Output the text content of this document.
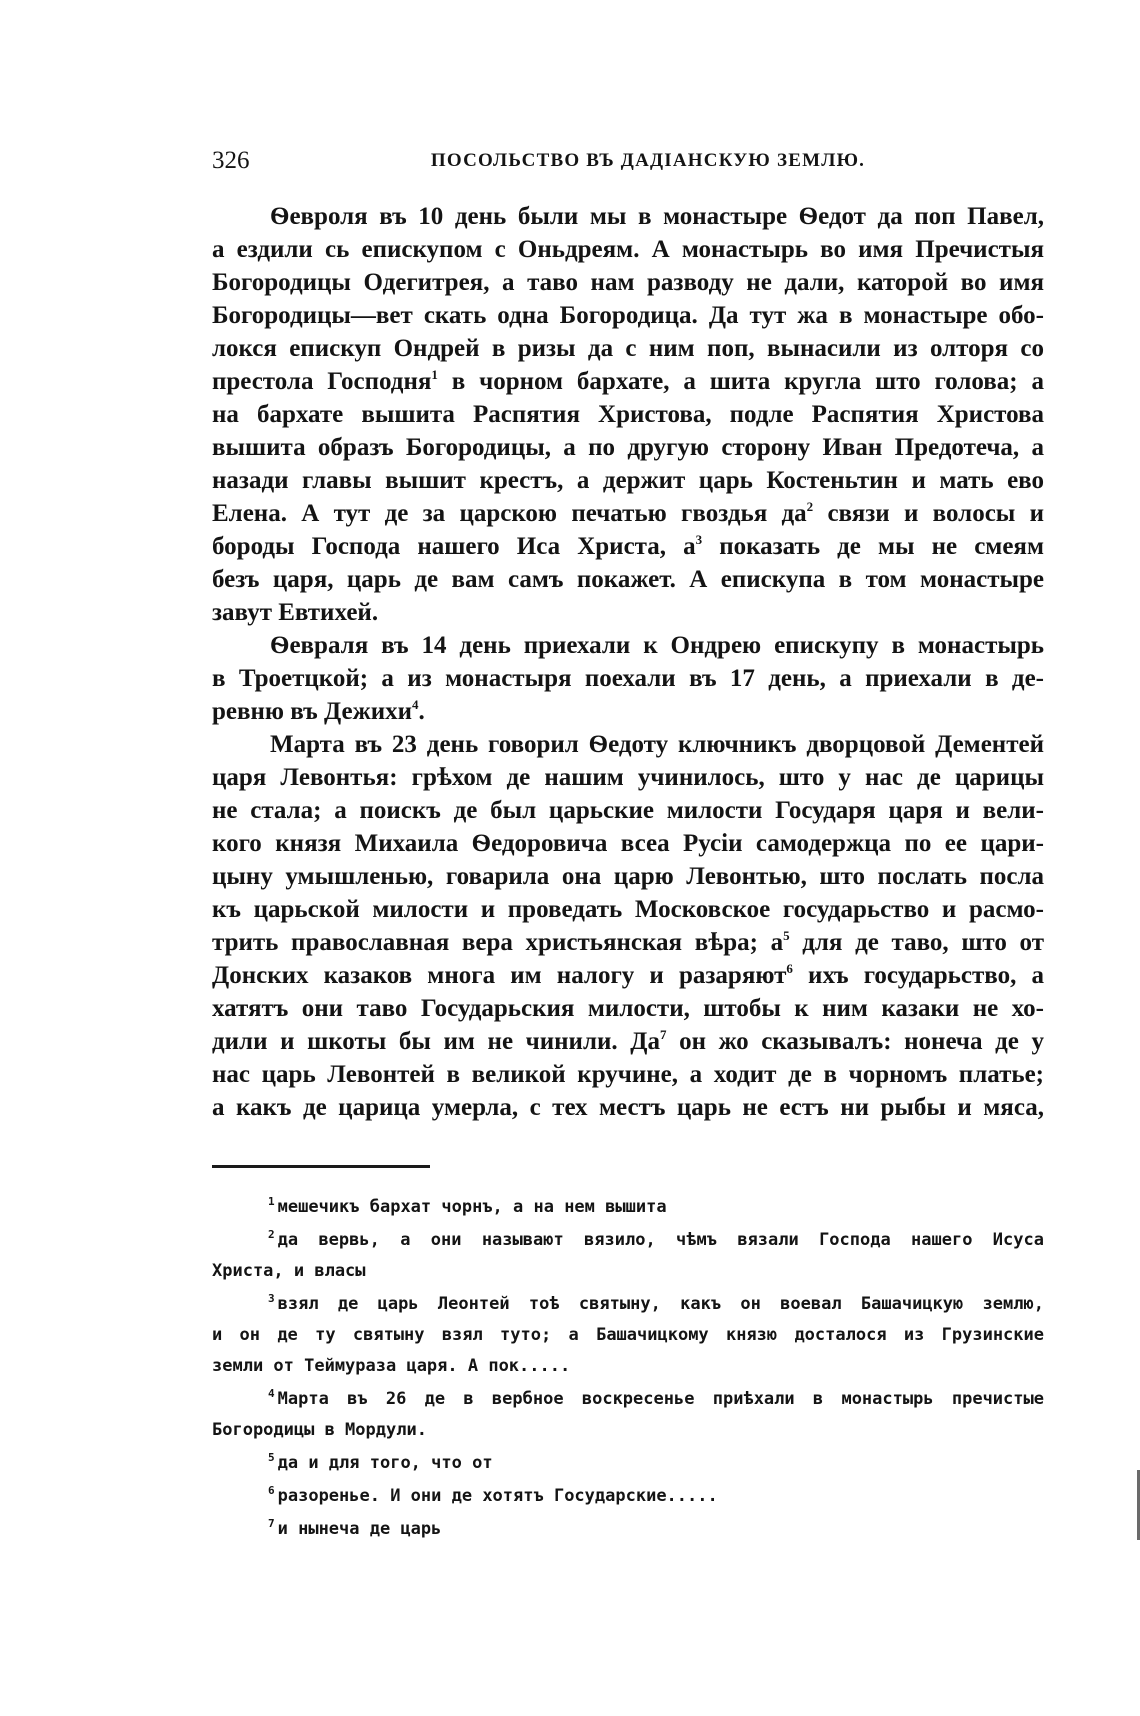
326	ПОСОЛЬСТВО ВЪ ДАДІАНСКУЮ ЗЕМЛЮ.
Ѳевроля въ 10 день были мы в монастыре Ѳедот да поп Павел,
а ездили сь епискупом с Оньдреям. А монастырь во имя Пречистыя
Богородицы Одегитрея, а таво нам разводу не дали, каторой во имя
Богородицы—вет скать одна Богородица. Да тут жа в монастыре обо-
локся епискуп Ондрей в ризы да с ним поп, вынасили из олторя со
престола Господня$^1$ в чорном бархате, а шита кругла што голова; а
на бархате вышита Распятия Христова, подле Распятия Христова
вышита образъ Богородицы, а по другую сторону Иван Предотеча, а
назади главы вышит крестъ, а держит царь Костеньтин и мать ево
Елена. А тут де за царскою печатью гвоздья $да^2$ связи и волосы и
бороды Господа нашего Иса Христа, $а^3$ показать де мы не смеям
безъ царя, царь де вам самъ покажет. А епискупа в том монастыре
завут Евтихей.
Ѳевраля въ 14 день приехали к Ондрею епискупу в монастырь
в Троетцкой; а из монастыря поехали въ 17 день, а приехали в де-
ревню въ Дежихи$^4$.
Марта въ 23 день говорил Ѳедоту ключникъ дворцовой Дементей
царя Левонтья: грѣхом де нашим учинилось, што у нас де царицы
не стала; а поискъ де был царьские милости Государя царя и вели-
кого князя Михаила Ѳедоровича всеа Русіи самодержца по ее цари-
цыну умышленью, говарила она царю Левонтью, што послать посла
къ царьской милости и проведать Московское государьство и расмо-
трить православная вера христьянская вѣра; $а^5$ для де таво, што от
Донских казаков многа им налогу и разаряют$^6$ ихъ государьство, а
хатятъ они таво Государьския милости, штобы к ним казаки не хо-
дили и шкоты бы им не чинили. $Да^7$ он жо сказывалъ: нонеча де у
нас царь Левонтей в великой кручине, а ходит де в чорномъ платье;
а какъ де царица умерла, с тех местъ царь не естъ ни рыбы и мяса,
$^1$ мешечикъ бархат чорнъ, а на нем вышита
$^2$ да вервь, а они называют вязило, чѣмъ вязали Господа нашего Исуса
Христа, и власы
$^3$ взял де царь Леонтей тоѣ святыну, какъ он воевал Башачицкую землю,
и он де ту святыну взял туто; а Башачицкому князю досталося из Грузинские
земли от Теймураза царя. А пок.....
$^4$ Марта въ 26 де в вербное воскресенье приѣхали в монастырь пречистые
Богородицы в Мордули.
$^5$ да и для того, что от
$^6$ разоренье. И они де хотятъ Государские.....
$^7$ и нынеча де царь
